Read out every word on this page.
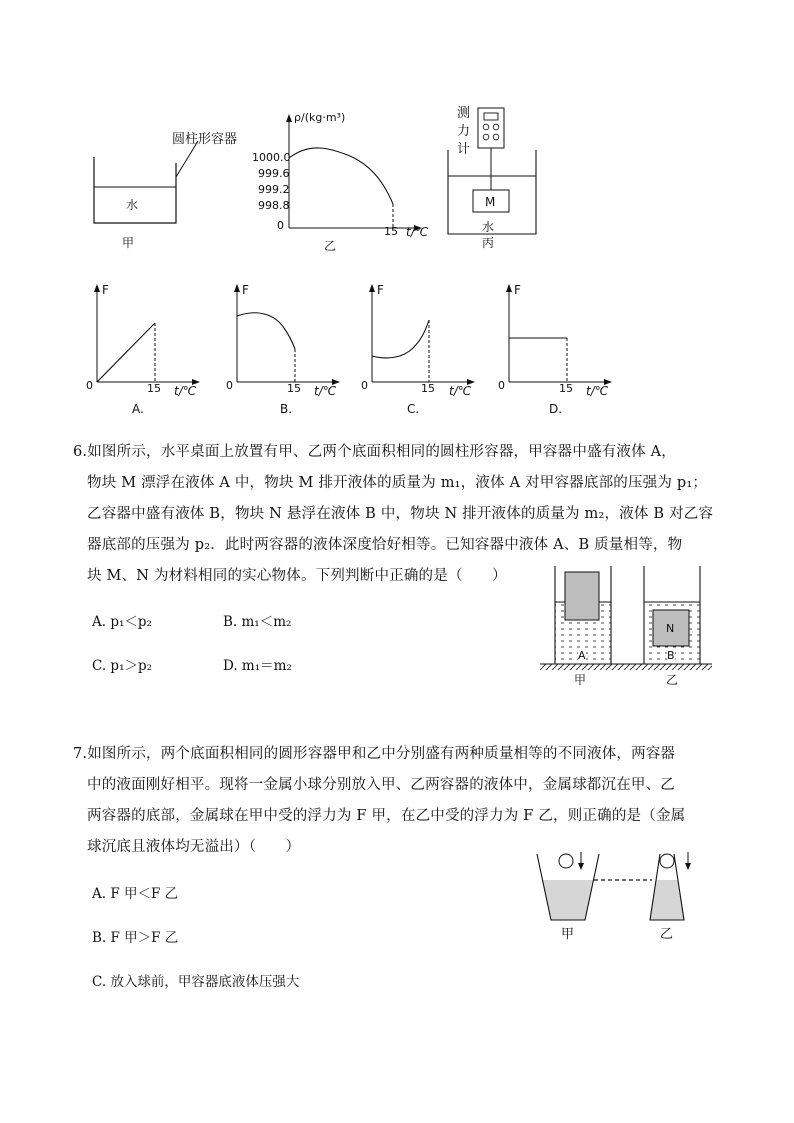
圆柱形容器
水
甲
ρ/(kg·m³)
1000.0
999.6
999.2
998.8
0	15 t/℃
乙
测
力
计
M
水
丙
F
0	15 t/℃
A.
F
0	15 t/℃
B.
F
0	15 t/℃
C.
F
0	15 t/℃
D.
6.如图所示，水平桌面上放置有甲、乙两个底面积相同的圆柱形容器，甲容器中盛有液体 A，
物块 M 漂浮在液体 A 中，物块 M 排开液体的质量为 m₁，液体 A 对甲容器底部的压强为 p₁；
乙容器中盛有液体 B，物块 N 悬浮在液体 B 中，物块 N 排开液体的质量为 m₂，液体 B 对乙容
器底部的压强为 p₂．此时两容器的液体深度恰好相等。已知容器中液体 A、B 质量相等，物
块 M、N 为材料相同的实心物体。下列判断中正确的是（　　）
A. p₁＜p₂	B. m₁＜m₂
C. p₁＞p₂	D. m₁＝m₂
A	B
N
甲	乙
7.如图所示，两个底面积相同的圆形容器甲和乙中分别盛有两种质量相等的不同液体，两容器
中的液面刚好相平。现将一金属小球分别放入甲、乙两容器的液体中，金属球都沉在甲、乙
两容器的底部，金属球在甲中受的浮力为 F 甲，在乙中受的浮力为 F 乙，则正确的是（金属
球沉底且液体均无溢出）（　　）
A. F 甲＜F 乙
B. F 甲＞F 乙
C. 放入球前，甲容器底液体压强大
甲	乙
